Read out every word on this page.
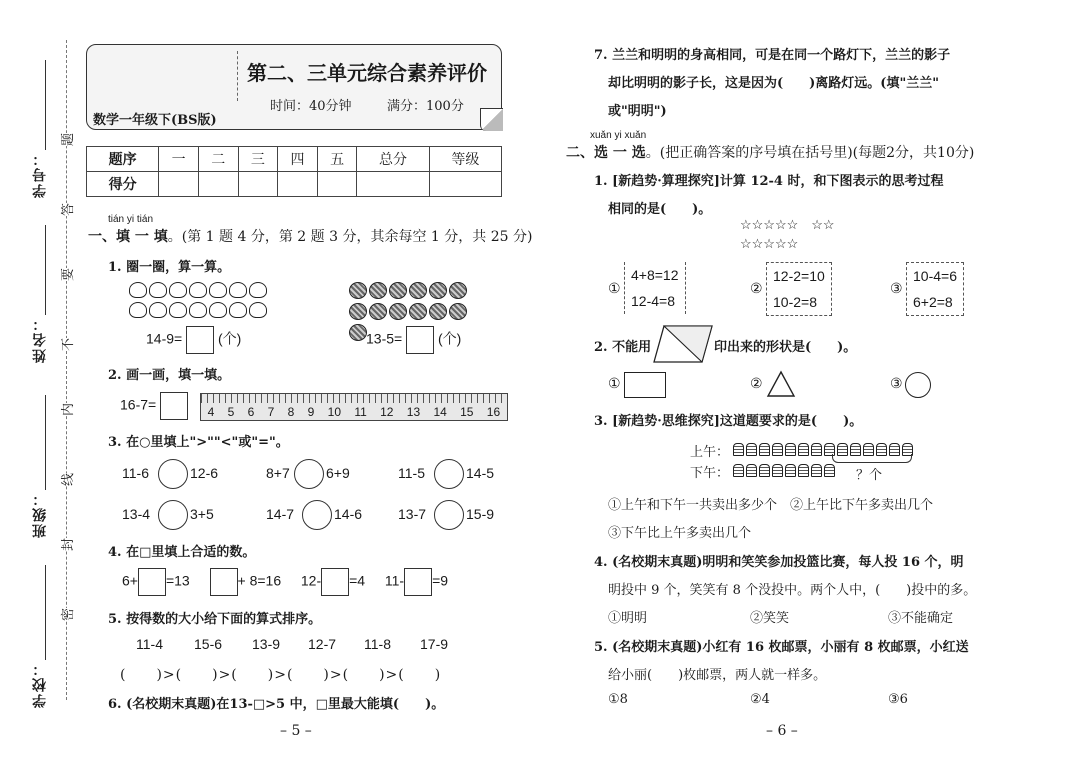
学号：
姓名：
班级：
学校：
题
答
要
不
内
线
封
密
第二、三单元综合素养评价
时间：40分钟	满分：100分
数学一年级下(BS版)
题序	一	二	三	四	五	总分	等级
得分							
tián yi tián
一、填 一 填。(第 1 题 4 分，第 2 题 3 分，其余每空 1 分，共 25 分)
1. 圈一圈，算一算。

14-9=	(个)	13-5=	(个)
2. 画一画，填一填。
16-7=	4 5 6 7 8 9 10 11 12 13 14 15 16
3. 在○里填上">""<"或"="。
11-6	12-6	8+7	6+9	11-5	14-5
13-4	3+5	14-7	14-6	13-7	15-9
4. 在□里填上合适的数。
6+ =13	+ 8=16 12- =4 11- =9
5. 按得数的大小给下面的算式排序。
11-4 15-6 13-9 12-7 11-8 17-9
(　　)>(　　)>(　　)>(　　)>(　　)>(　　)
6. (名校期末真题)在13-□>5 中，□里最大能填(　　)。
– 5 –
7. 兰兰和明明的身高相同，可是在同一个路灯下，兰兰的影子
却比明明的影子长，这是因为(　　)离路灯远。(填"兰兰"
或"明明")
xuǎn yi xuǎn
二、选 一 选。(把正确答案的序号填在括号里)(每题2分，共10分)
1. [新趋势·算理探究]计算 12-4 时，和下图表示的思考过程
相同的是(　　)。
☆☆☆☆☆　☆☆
☆☆☆☆☆
①
4+8=12
12-4=8
②
12-2=10
10-2=8
③
10-4=6
6+2=8
2. 不能用	印出来的形状是(　　)。
①	②	③
3. [新趋势·思维探究]这道题要求的是(　　)。
上午：
下午：	？个
①上午和下午一共卖出多少个　②上午比下午多卖出几个
③下午比上午多卖出几个
4. (名校期末真题)明明和笑笑参加投篮比赛，每人投 16 个，明
明投中 9 个，笑笑有 8 个没投中。两个人中，(　　)投中的多。
①明明	②笑笑	③不能确定
5. (名校期末真题)小红有 16 枚邮票，小丽有 8 枚邮票，小红送
给小丽(　　)枚邮票，两人就一样多。
①8	②4	③6
– 6 –
